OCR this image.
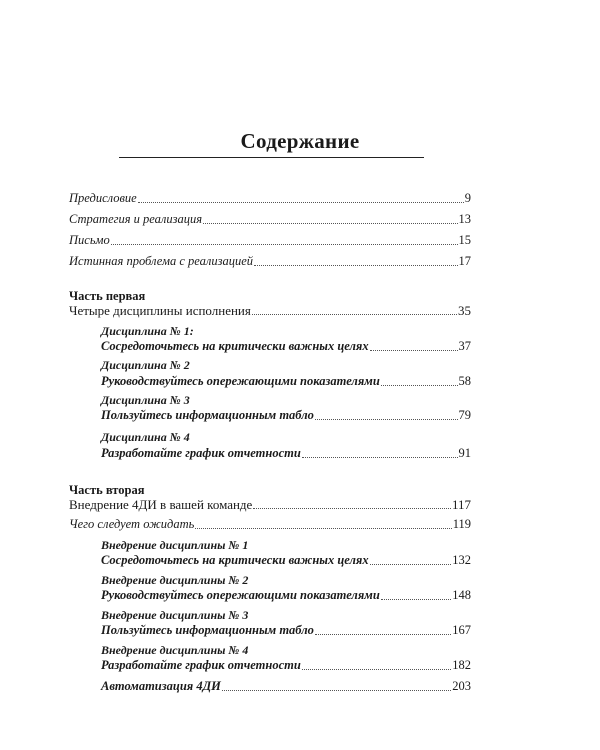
Содержание
Предисловие	9
Стратегия и реализация	13
Письмо	15
Истинная проблема с реализацией	17
Часть первая
Четыре дисциплины исполнения	35
Дисциплина № 1:
Сосредоточьтесь на критически важных целях	37
Дисциплина № 2
Руководствуйтесь опережающими показателями	58
Дисциплина № 3
Пользуйтесь информационным табло	79
Дисциплина № 4
Разработайте график отчетности	91
Часть вторая
Внедрение 4ДИ в вашей команде	117
Чего следует ожидать	119
Внедрение дисциплины № 1
Сосредоточьтесь на критически важных целях	132
Внедрение дисциплины № 2
Руководствуйтесь опережающими показателями	148
Внедрение дисциплины № 3
Пользуйтесь информационным табло	167
Внедрение дисциплины № 4
Разработайте график отчетности	182
Автоматизация 4ДИ	203
